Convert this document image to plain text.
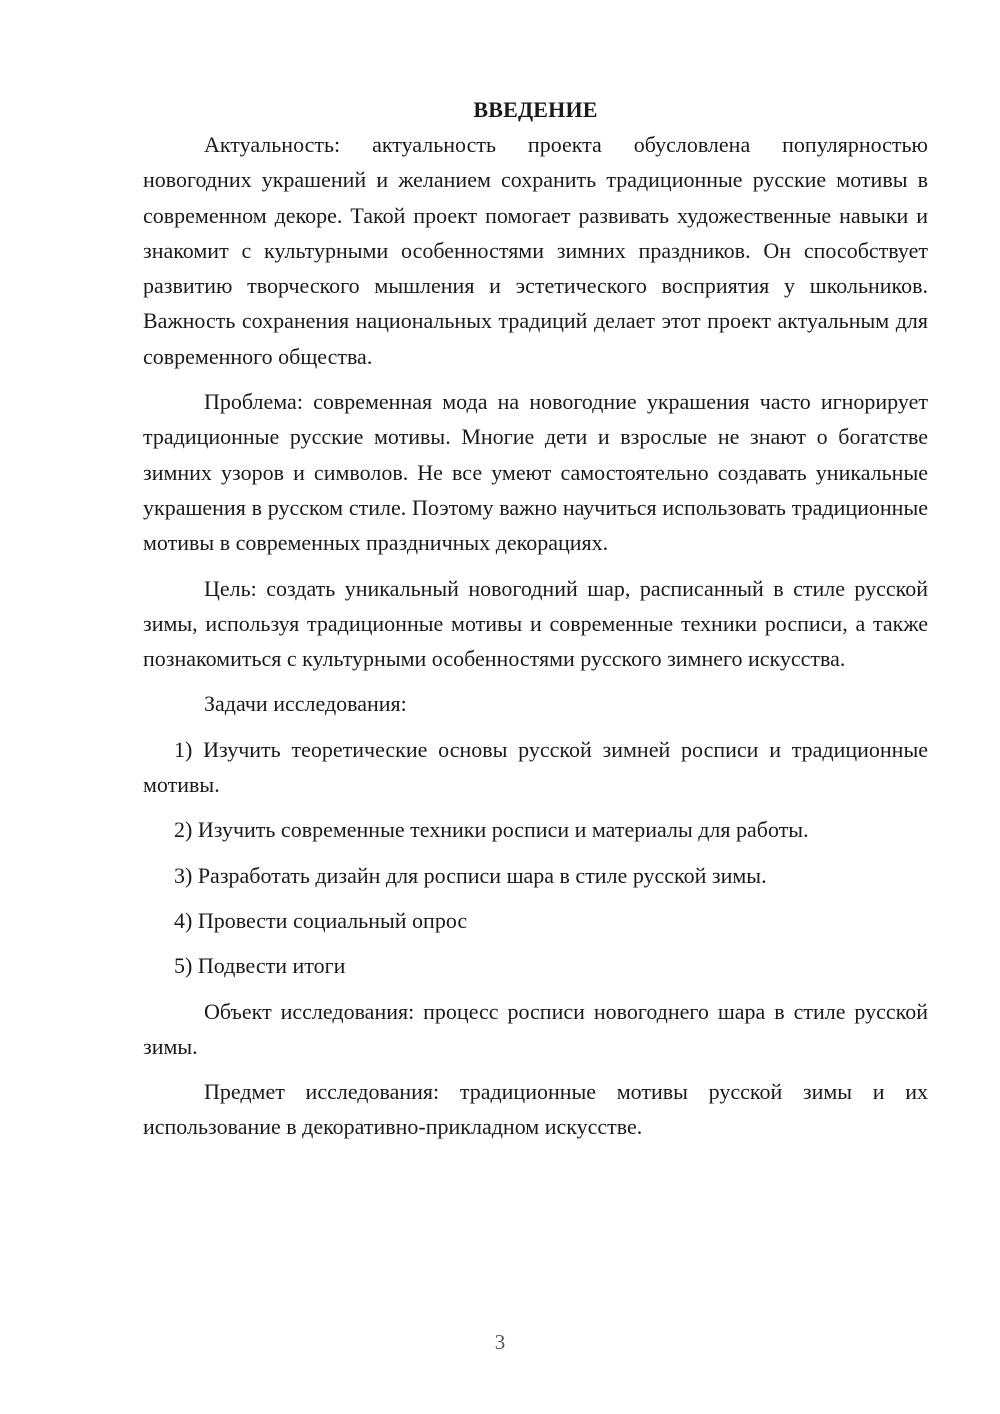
ВВЕДЕНИЕ

Актуальность: актуальность проекта обусловлена популярностью новогодних украшений и желанием сохранить традиционные русские мотивы в современном декоре. Такой проект помогает развивать художественные навыки и знакомит с культурными особенностями зимних праздников. Он способствует развитию творческого мышления и эстетического восприятия у школьников. Важность сохранения национальных традиций делает этот проект актуальным для современного общества.

Проблема: современная мода на новогодние украшения часто игнорирует традиционные русские мотивы. Многие дети и взрослые не знают о богатстве зимних узоров и символов. Не все умеют самостоятельно создавать уникальные украшения в русском стиле. Поэтому важно научиться использовать традиционные мотивы в современных праздничных декорациях.

Цель: создать уникальный новогодний шар, расписанный в стиле русской зимы, используя традиционные мотивы и современные техники росписи, а также познакомиться с культурными особенностями русского зимнего искусства.

Задачи исследования:

1) Изучить теоретические основы русской зимней росписи и традиционные мотивы.

2) Изучить современные техники росписи и материалы для работы.

3) Разработать дизайн для росписи шара в стиле русской зимы.

4) Провести социальный опрос

5) Подвести итоги

Объект исследования: процесс росписи новогоднего шара в стиле русской зимы.

Предмет исследования: традиционные мотивы русской зимы и их использование в декоративно-прикладном искусстве.

3
